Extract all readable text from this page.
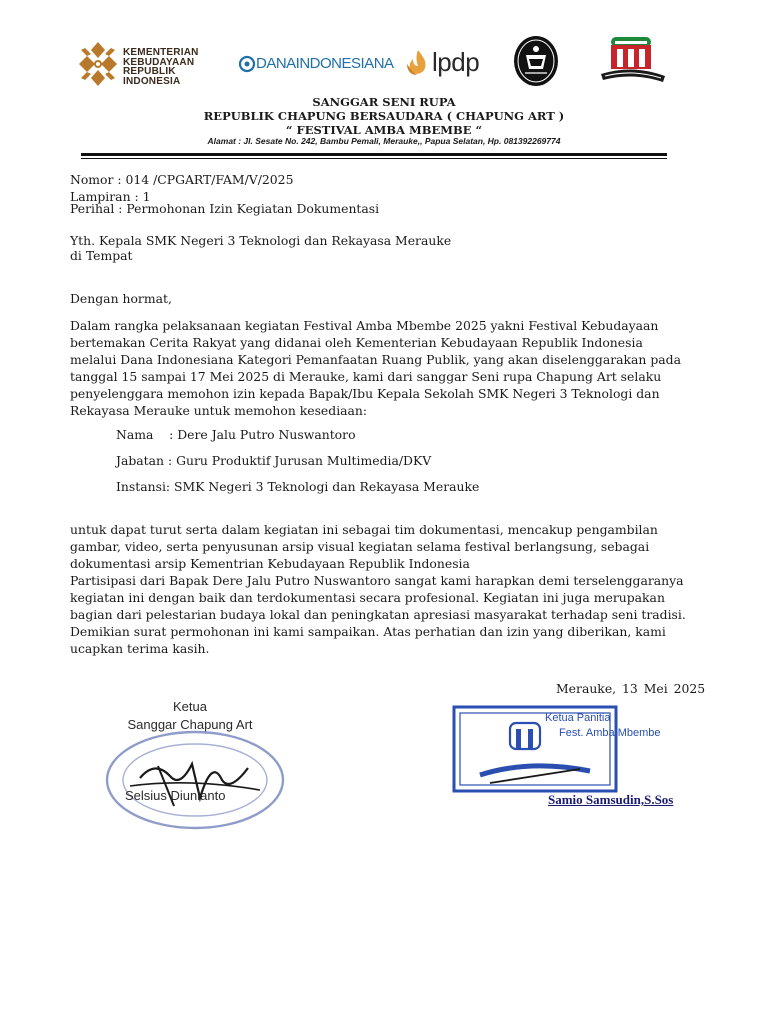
KEMENTERIAN
KEBUDAYAAN
REPUBLIK
INDONESIA
DANAINDONESIANA lpdp
SANGGAR SENI RUPA
REPUBLIK CHAPUNG BERSAUDARA ( CHAPUNG ART )
“ FESTIVAL AMBA MBEMBE “
Alamat : Jl. Sesate No. 242, Bambu Pemali, Merauke,, Papua Selatan, Hp. 081392269774
Nomor : 014 /CPGART/FAM/V/2025
Lampiran : 1
Perihal : Permohonan Izin Kegiatan Dokumentasi
Yth. Kepala SMK Negeri 3 Teknologi dan Rekayasa Merauke
di Tempat
Dengan hormat,
Dalam rangka pelaksanaan kegiatan Festival Amba Mbembe 2025 yakni Festival Kebudayaan
bertemakan Cerita Rakyat yang didanai oleh Kementerian Kebudayaan Republik Indonesia
melalui Dana Indonesiana Kategori Pemanfaatan Ruang Publik, yang akan diselenggarakan pada
tanggal 15 sampai 17 Mei 2025 di Merauke, kami dari sanggar Seni rupa Chapung Art selaku
penyelenggara memohon izin kepada Bapak/Ibu Kepala Sekolah SMK Negeri 3 Teknologi dan
Rekayasa Merauke untuk memohon kesediaan:
Nama    : Dere Jalu Putro Nuswantoro
Jabatan : Guru Produktif Jurusan Multimedia/DKV
Instansi: SMK Negeri 3 Teknologi dan Rekayasa Merauke
untuk dapat turut serta dalam kegiatan ini sebagai tim dokumentasi, mencakup pengambilan
gambar, video, serta penyusunan arsip visual kegiatan selama festival berlangsung, sebagai
dokumentasi arsip Kementrian Kebudayaan Republik Indonesia
Partisipasi dari Bapak Dere Jalu Putro Nuswantoro sangat kami harapkan demi terselenggaranya
kegiatan ini dengan baik dan terdokumentasi secara profesional. Kegiatan ini juga merupakan
bagian dari pelestarian budaya lokal dan peningkatan apresiasi masyarakat terhadap seni tradisi.
Demikian surat permohonan ini kami sampaikan. Atas perhatian dan izin yang diberikan, kami
ucapkan terima kasih.
Merauke, 13 Mei 2025
Ketua
Sanggar Chapung Art
Selsius Diunianto
Ketua Panitia
Fest. Amba Mbembe
Samio Samsudin,S.Sos
